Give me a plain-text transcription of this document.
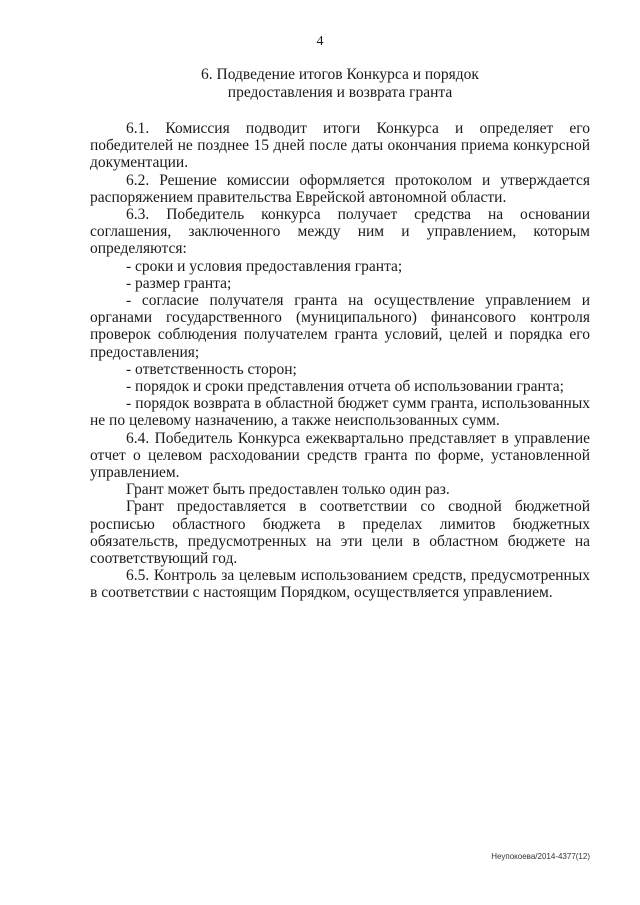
4
6. Подведение итогов Конкурса и порядок
предоставления и возврата гранта

6.1. Комиссия подводит итоги Конкурса и определяет его победителей не позднее 15 дней после даты окончания приема конкурсной документации.

6.2. Решение комиссии оформляется протоколом и утверждается распоряжением правительства Еврейской автономной области.

6.3. Победитель конкурса получает средства на основании соглашения, заключенного между ним и управлением, которым определяются:

- сроки и условия предоставления гранта;

- размер гранта;

- согласие получателя гранта на осуществление управлением и органами государственного (муниципального) финансового контроля проверок соблюдения получателем гранта условий, целей и порядка его предоставления;

- ответственность сторон;

- порядок и сроки представления отчета об использовании гранта;

- порядок возврата в областной бюджет сумм гранта, использованных не по целевому назначению, а также неиспользованных сумм.

6.4. Победитель Конкурса ежеквартально представляет в управление отчет о целевом расходовании средств гранта по форме, установленной управлением.

Грант может быть предоставлен только один раз.

Грант предоставляется в соответствии со сводной бюджетной росписью областного бюджета в пределах лимитов бюджетных обязательств, предусмотренных на эти цели в областном бюджете на соответствующий год.

6.5. Контроль за целевым использованием средств, предусмотренных в соответствии с настоящим Порядком, осуществляется управлением.

Неупокоева/2014-4377(12)
